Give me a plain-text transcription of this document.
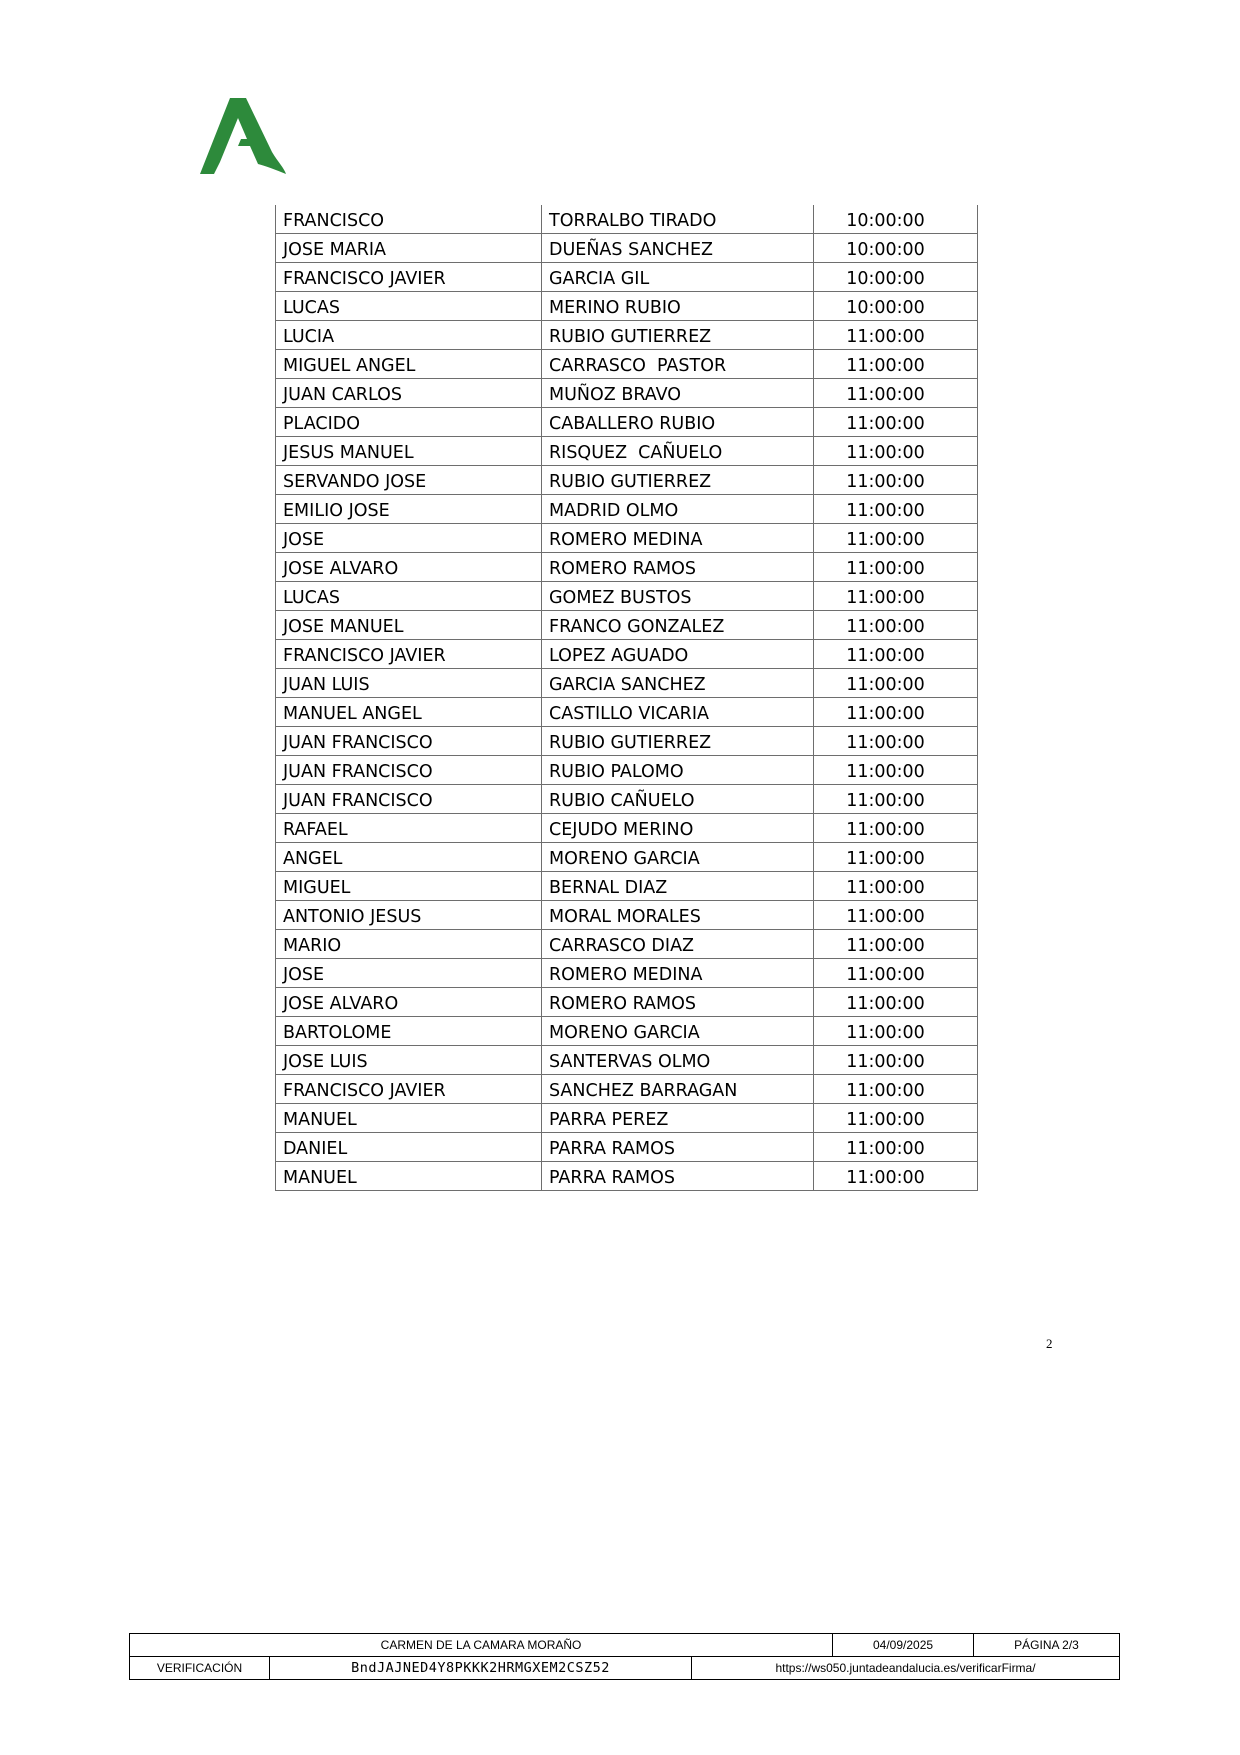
FRANCISCO	TORRALBO TIRADO	10:00:00
JOSE MARIA	DUEÑAS SANCHEZ	10:00:00
FRANCISCO JAVIER	GARCIA GIL	10:00:00
LUCAS	MERINO RUBIO	10:00:00
LUCIA	RUBIO GUTIERREZ	11:00:00
MIGUEL ANGEL	CARRASCO  PASTOR	11:00:00
JUAN CARLOS	MUÑOZ BRAVO	11:00:00
PLACIDO	CABALLERO RUBIO	11:00:00
JESUS MANUEL	RISQUEZ  CAÑUELO	11:00:00
SERVANDO JOSE	RUBIO GUTIERREZ	11:00:00
EMILIO JOSE	MADRID OLMO	11:00:00
JOSE	ROMERO MEDINA	11:00:00
JOSE ALVARO	ROMERO RAMOS	11:00:00
LUCAS	GOMEZ BUSTOS	11:00:00
JOSE MANUEL	FRANCO GONZALEZ	11:00:00
FRANCISCO JAVIER	LOPEZ AGUADO	11:00:00
JUAN LUIS	GARCIA SANCHEZ	11:00:00
MANUEL ANGEL	CASTILLO VICARIA	11:00:00
JUAN FRANCISCO	RUBIO GUTIERREZ	11:00:00
JUAN FRANCISCO	RUBIO PALOMO	11:00:00
JUAN FRANCISCO	RUBIO CAÑUELO	11:00:00
RAFAEL	CEJUDO MERINO	11:00:00
ANGEL	MORENO GARCIA	11:00:00
MIGUEL	BERNAL DIAZ	11:00:00
ANTONIO JESUS	MORAL MORALES	11:00:00
MARIO	CARRASCO DIAZ	11:00:00
JOSE	ROMERO MEDINA	11:00:00
JOSE ALVARO	ROMERO RAMOS	11:00:00
BARTOLOME	MORENO GARCIA	11:00:00
JOSE LUIS	SANTERVAS OLMO	11:00:00
FRANCISCO JAVIER	SANCHEZ BARRAGAN	11:00:00
MANUEL	PARRA PEREZ	11:00:00
DANIEL	PARRA RAMOS	11:00:00
MANUEL	PARRA RAMOS	11:00:00
2
CARMEN DE LA CAMARA MORAÑO			04/09/2025	PÁGINA 2/3
VERIFICACIÓN	BndJAJNED4Y8PKKK2HRMGXEM2CSZ52	https://ws050.juntadeandalucia.es/verificarFirma/		
